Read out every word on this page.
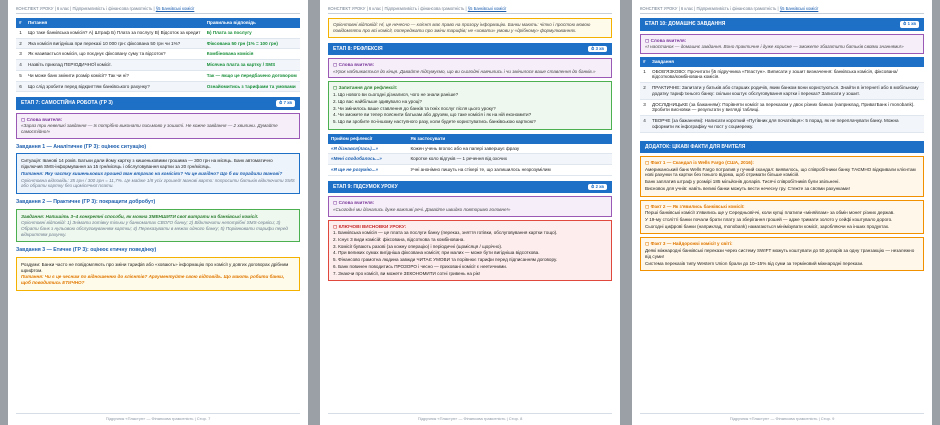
КОНСПЕКТ УРОКУ | 6 клас | Підприємливість і фінансова грамотність | §5 Банківські комісії
#	Питання	Правильна відповідь
1	Що таке банківська комісія? А) Штраф Б) Плата за послугу В) Відсоток за кредит	Б) Плата за послугу
2	Яка комісія вигідніша при переказі 10 000 грн: фіксована 50 грн чи 1%?	Фіксована 50 грн (1% = 100 грн)
3	Як називається комісія, що поєднує фіксовану суму та відсоток?	Комбінована комісія
4	Назвіть приклад ПЕРІОДИЧНОЇ комісії.	Місячна плата за картку / SMS
5	Чи може банк змінити розмір комісії? Так чи ні?	Так — якщо це передбачено договором
6	Що слід зробити перед відкриттям банківського рахунку?	Ознайомитись з тарифами та умовами
ЕТАП 7: САМОСТІЙНА РОБОТА (ГР 3)	⏱ 7 хв
▢ Слова вчителя:
«Зараз три невеликі завдання — їх потрібно виконати письмово у зошиті. Не кожне завдання — 2 хвилини. Думайте самостійно!»
Завдання 1 — Аналітичне (ГР 3): оцінює ситуацію)
Ситуація: Іванові 14 років. Батьки дали йому картку з кишеньковими грошима — 300 грн на місяць. Банк автоматично підключив SMS-інформування за 15 грн/місяць і обслуговування картки за 20 грн/місяць.
Питання: Яку частку кишенькових грошей Іван втрачає на комісіях? Чи це вигідно? Що б ви порадили Іванові?
Орієнтовна відповідь: 35 грн / 300 грн = 11,7%. Це майже 1/8 усіх грошей! Іванові варто: попросити батьків відключити SMS або обрати картку без щомісячної плати.
Завдання 2 — Практичне (ГР 3): покращити добробут)
Завдання: Напишіть 3–4 конкретні способи, як можна ЗМЕНШИТИ свої витрати на банківські комісії.
Орієнтовні відповіді: 1) Знімати готівку тільки у банкоматах СВОГО банку; 2) Відключити непотрібні SMS-сервіси; 3) Обрати банк з нульовою обслуговуванням картки; 4) Переказувати в межах одного банку; 5) Порівнювати тарифи перед відкриттям рахунку.
Завдання 3 — Етичне (ГР 3): оцінює етичну поведінку)
Роздуми: Банки часто не повідомляють про зміни тарифів або «ховають» інформацію про комісії у довгих договорах дрібним шрифтом.
Питання: Чи є це чесним по відношенню до клієнтів? Аргументуйте свою відповідь. Що мають робити банки, щоб поводитись ЕТИЧНО?
Підручник «Пластун» — Фінансова грамотність | Стор. 7
КОНСПЕКТ УРОКУ | 6 клас | Підприємливість і фінансова грамотність | §5 Банківські комісії
Орієнтовні відповіді: Ні, це нечесно — клієнт має право на прозору інформацію. Банки мають: чітко і простою мовою повідомляти про всі комісії, попереджати про зміни тарифів; не «ховати» умови у «дрібному» формулюваннях.
ЕТАП 8: РЕФЛЕКСІЯ	⏱ 3 хв
▢ Слова вчителя:
«Урок наближається до кінця. Давайте підсумуємо, що ви сьогодні навчились і чи змінилося ваше ставлення до банків.»
▢ Запитання для рефлексії:
1. Що нового ви сьогодні дізналися, чого не знали раніше?
2. Що вас найбільше здивувало на уроці?
3. Чи змінилось ваше ставлення до банків та їхніх послуг після цього уроку?
4. Чи зможете ви тепер пояснити батькам або друзям, що таке комісія і як на ній економити?
5. Що ви зробите по-іншому наступного разу, коли будете користуватись банківською карткою?
Прийом рефлексії	Як застосувати
«Я дізнався(лась)...»	Кожен учень вголос або на папері завершує фразу
«Мені сподобалось...»	Коротке коло відгуків — 1 речення від охочих
«Я ще не розумію...»	Учні анонімно пишуть на стікері те, що залишилось незрозумілим
ЕТАП 9: ПІДСУМОК УРОКУ	⏱ 2 хв
▢ Слова вчителя:
«Сьогодні ми дізнались дуже важливі речі. Давайте швидко повторимо головне!»
▢ КЛЮЧОВІ ВИСНОВКИ УРОКУ:
1. Банківська комісія — це плата за послуги банку (переказ, зняття готівки, обслуговування картки тощо).
2. Існує 3 види комісій: фіксована, відсоткова та комбінована.
3. Комісії бувають разові (за кожну операцію) і періодичні (щомісяця / щорічно).
4. При великих сумах вигідніша фіксована комісія; при малих — може бути вигідніша відсоткова.
5. Фінансово грамотна людина завжди ЧИТАЄ УМОВИ та порівнює тарифи перед підписанням договору.
6. Банк повинен поводитись ПРОЗОРО і чесно — приховані комісії є неетичними.
7. Знаючи про комісії, ви можете ЗЕКОНОМИТИ сотні гривень на рік!
Підручник «Пластун» — Фінансова грамотність | Стор. 8
КОНСПЕКТ УРОКУ | 6 клас | Підприємливість і фінансова грамотність | §5 Банківські комісії
ЕТАП 10: ДОМАШНЄ ЗАВДАННЯ	⏱ 1 хв
▢ Слова вчителя:
«І наостанок — домашнє завдання. Воно практичне і дуже корисне — зможете збагатити батьків своїми знаннями!»
#	Завдання
1	ОБОВ'ЯЗКОВО: Прочитати §5 підручника «Пластун». Виписати у зошит визначення: банківська комісія, фіксована/відсоткова/комбінована комісія.
2	ПРАКТИЧНЕ: Запитати у батьків або старших родичів, яким банком вони користуються. Знайти в інтернеті або в мобільному додатку тариф їхнього банку: скільки коштує обслуговування картки і переказ? Записати у зошит.
3	ДОСЛІДНИЦЬКЕ (за бажанням): Порівняти комісії за переказом у двох різних банках (наприклад, ПриватБанк і monobank). Зробити висновки — результати у вигляді таблиці.
4	ТВОРЧЕ (за бажанням): Написати короткий «Путівник для початківця»: 5 порад, як не переплачувати банку. Можна оформити як інфографіку чи пост у соцмережу.
ДОДАТОК: ЦІКАВІ ФАКТИ ДЛЯ ВЧИТЕЛЯ
▢ Факт 1 — Скандал із Wells Fargo (США, 2016):
Американський банк Wells Fargo потрапив у гучний скандал: виявилось, що співробітники банку ТАЄМНО відкривали клієнтам нові рахунки та картки без їхнього відома, щоб отримати більше комісій.
Банк заплатив штраф у розмірі 185 мільйонів доларів. Тисячі співробітників були звільнені.
Висновок для учнів: навіть великі банки можуть вести нечесну гру. Стежте за своїми рахунками!
▢ Факт 2 — Як з'явились банківські комісії:
Перші банківські комісії з'явились ще у Середньовіччі, коли купці платили «міняйлам» за обмін монет різних держав.
У 19-му столітті банки почали брати плату за зберігання грошей — адже тримати золото у сейфі коштувало дорого.
Сьогодні цифрові банки (наприклад, monobank) намагаються мінімізувати комісії, заробляючи на інших продуктах.
▢ Факт 3 — Найдорожчі комісії у світі:
Деякі міжнародні банківські перекази через систему SWIFT можуть коштувати до 50 доларів за одну транзакцію — незалежно від суми!
Система переказів типу Western Union брали до 10–15% від суми за терміновий міжнародні перекази.
Підручник «Пластун» — Фінансова грамотність | Стор. 9
